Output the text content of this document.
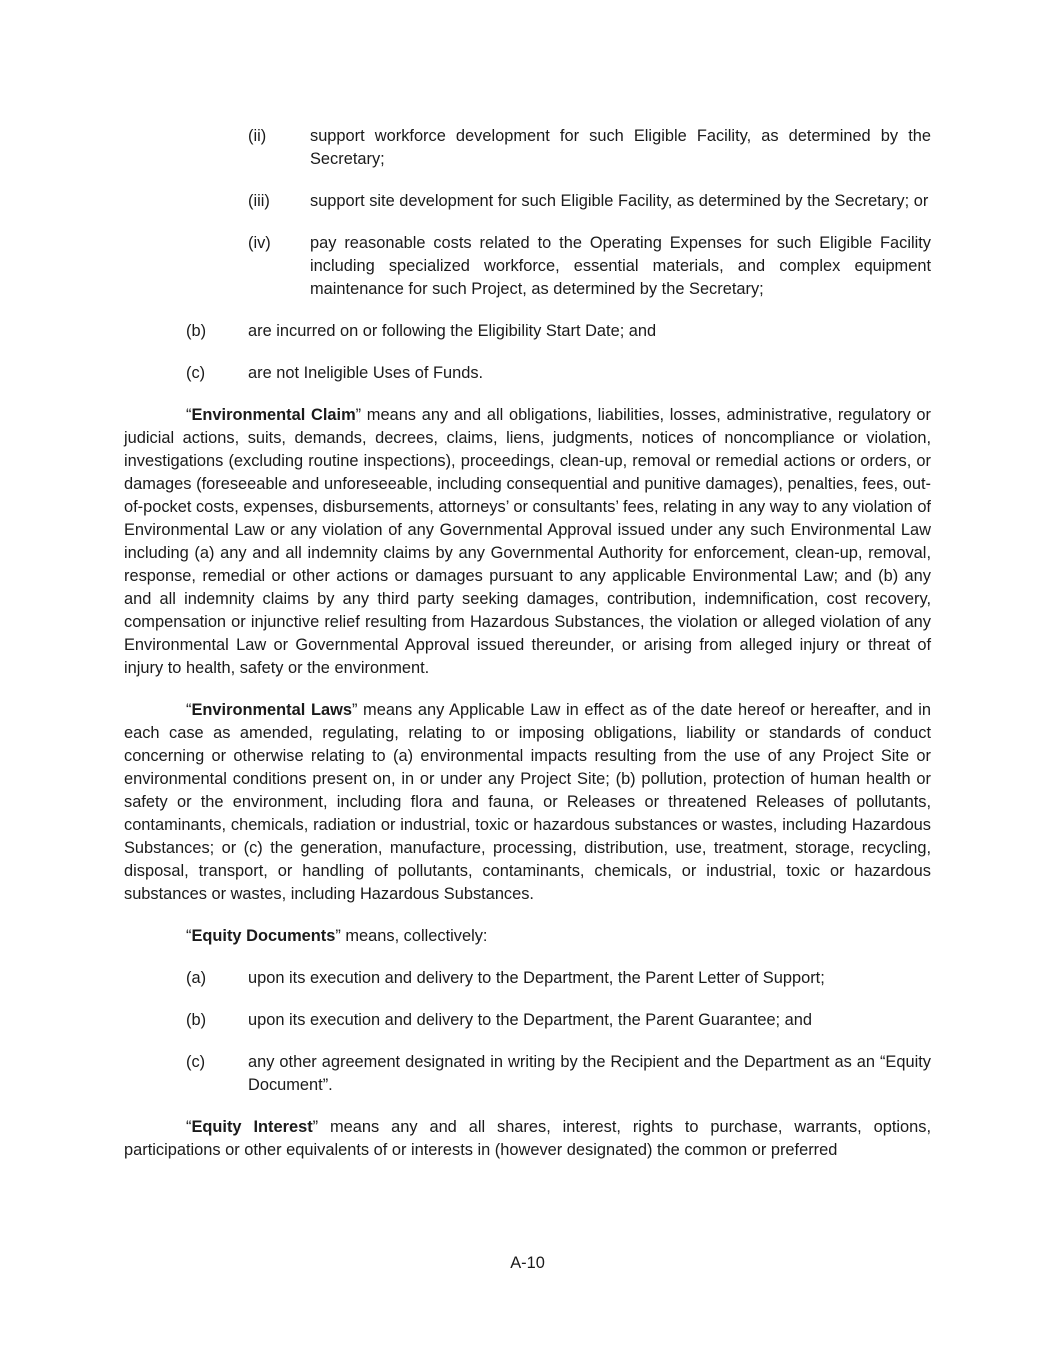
(ii)	support workforce development for such Eligible Facility, as determined by the Secretary;
(iii) support site development for such Eligible Facility, as determined by the Secretary; or
(iv) pay reasonable costs related to the Operating Expenses for such Eligible Facility including specialized workforce, essential materials, and complex equipment maintenance for such Project, as determined by the Secretary;
(b)	are incurred on or following the Eligibility Start Date; and
(c)	are not Ineligible Uses of Funds.

“Environmental Claim” means any and all obligations, liabilities, losses, administrative, regulatory or judicial actions, suits, demands, decrees, claims, liens, judgments, notices of noncompliance or violation, investigations (excluding routine inspections), proceedings, clean-up, removal or remedial actions or orders, or damages (foreseeable and unforeseeable, including consequential and punitive damages), penalties, fees, out-of-pocket costs, expenses, disbursements, attorneys’ or consultants’ fees, relating in any way to any violation of Environmental Law or any violation of any Governmental Approval issued under any such Environmental Law including (a) any and all indemnity claims by any Governmental Authority for enforcement, clean-up, removal, response, remedial or other actions or damages pursuant to any applicable Environmental Law; and (b) any and all indemnity claims by any third party seeking damages, contribution, indemnification, cost recovery, compensation or injunctive relief resulting from Hazardous Substances, the violation or alleged violation of any Environmental Law or Governmental Approval issued thereunder, or arising from alleged injury or threat of injury to health, safety or the environment.

“Environmental Laws” means any Applicable Law in effect as of the date hereof or hereafter, and in each case as amended, regulating, relating to or imposing obligations, liability or standards of conduct concerning or otherwise relating to (a) environmental impacts resulting from the use of any Project Site or environmental conditions present on, in or under any Project Site; (b) pollution, protection of human health or safety or the environment, including flora and fauna, or Releases or threatened Releases of pollutants, contaminants, chemicals, radiation or industrial, toxic or hazardous substances or wastes, including Hazardous Substances; or (c) the generation, manufacture, processing, distribution, use, treatment, storage, recycling, disposal, transport, or handling of pollutants, contaminants, chemicals, or industrial, toxic or hazardous substances or wastes, including Hazardous Substances.

“Equity Documents” means, collectively:

(a)	upon its execution and delivery to the Department, the Parent Letter of Support;
(b)	upon its execution and delivery to the Department, the Parent Guarantee; and
(c)	any other agreement designated in writing by the Recipient and the Department as an “Equity Document”.

“Equity Interest” means any and all shares, interest, rights to purchase, warrants, options, participations or other equivalents of or interests in (however designated) the common or preferred

A-10
